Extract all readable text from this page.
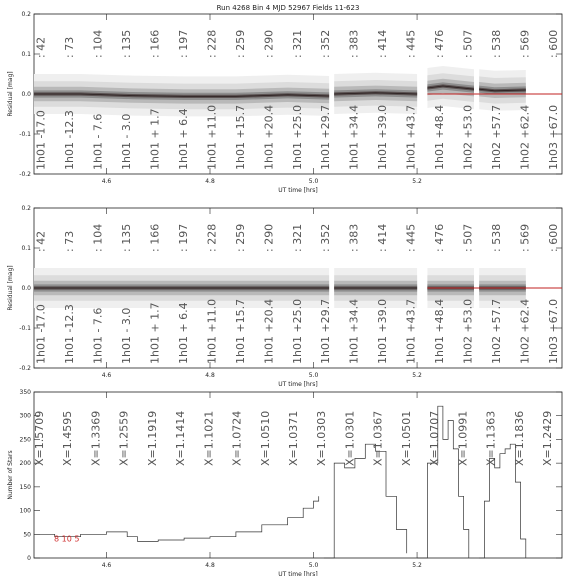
Run 4268 Bin 4 MJD 52967 Fields 11-623
4.6	4.8	5.0	5.2
-0.2
-0.1
0.0
0.1
0.2
UT time [hrs]
Residual [mag]
: 42 : 73 : 104 : 135 : 166 : 197 : 228 : 259 : 290 : 321 : 352 : 383 : 414 : 445 : 476 : 507 : 538 : 569 : 600
1h01 -17.0 1h01 -12.3 1h01 - 7.6 1h01 - 3.0 1h01 + 1.7 1h01 + 6.4 1h01 +11.0 1h01 +15.7 1h01 +20.4 1h01 +25.0 1h01 +29.7 1h01 +34.4 1h01 +39.0 1h01 +43.7 1h01 +48.4 1h02 +53.0 1h02 +57.7 1h02 +62.4 1h03 +67.0
4.6	4.8	5.0	5.2
-0.2
-0.1
0.0
0.1
0.2
UT time [hrs]
Residual [mag]
: 42 : 73 : 104 : 135 : 166 : 197 : 228 : 259 : 290 : 321 : 352 : 383 : 414 : 445 : 476 : 507 : 538 : 569 : 600
1h01 -17.0 1h01 -12.3 1h01 - 7.6 1h01 - 3.0 1h01 + 1.7 1h01 + 6.4 1h01 +11.0 1h01 +15.7 1h01 +20.4 1h01 +25.0 1h01 +29.7 1h01 +34.4 1h01 +39.0 1h01 +43.7 1h01 +48.4 1h02 +53.0 1h02 +57.7 1h02 +62.4 1h03 +67.0
4.6	4.8	5.0	5.2
0
50
100
150
200
250
300
350
UT time [hrs]
Number of Stars
8 10 5
X=1.5709 X=1.4595 X=1.3369 X=1.2559 X=1.1919 X=1.1414 X=1.1021 X=1.0724 X=1.0510 X=1.0371 X=1.0303 X=1.0301 X=1.0367 X=1.0501 X=1.0707 X=1.0991 X=1.1363 X=1.1836 X=1.2429
